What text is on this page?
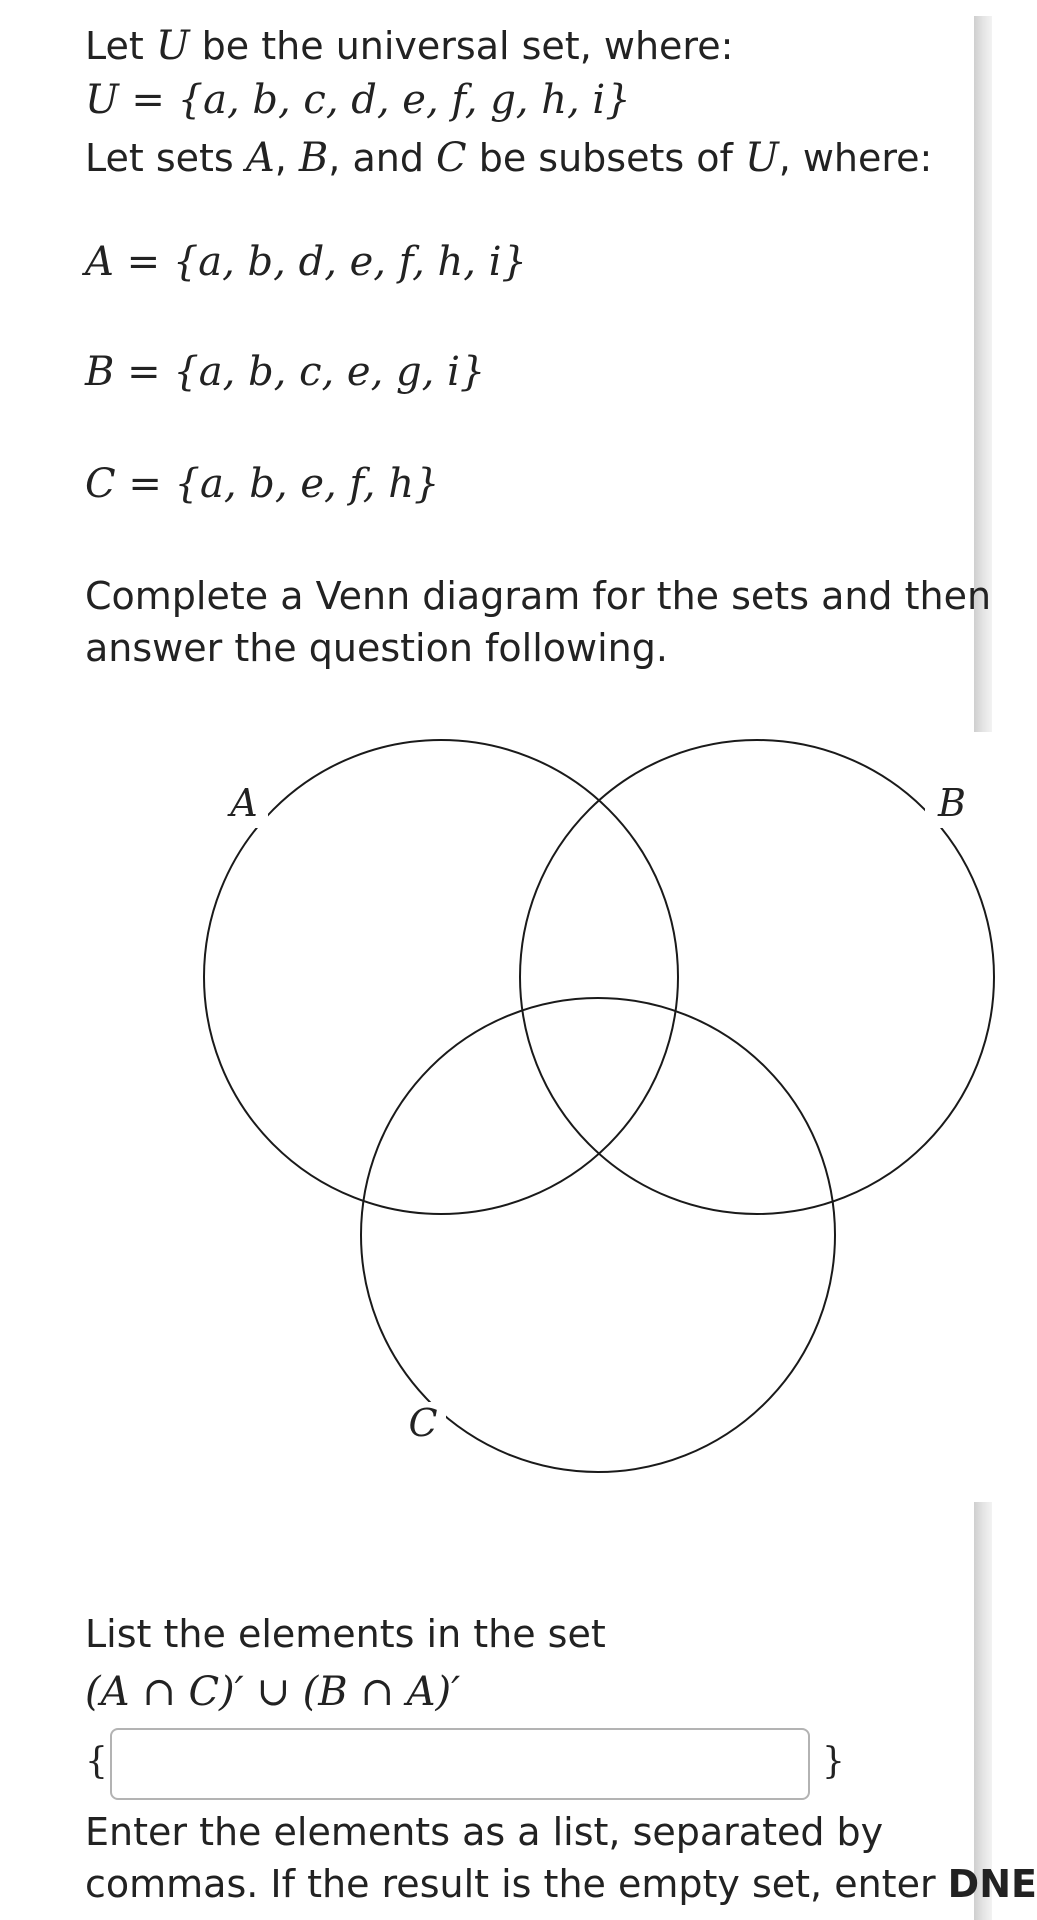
Let U be the universal set, where:
U = {a, b, c, d, e, f, g, h, i}
Let sets A, B, and C be subsets of U, where:
A = {a, b, d, e, f, h, i}
B = {a, b, c, e, g, i}
C = {a, b, e, f, h}
Complete a Venn diagram for the sets and then
answer the question following.
A	B
C
List the elements in the set
(A ∩ C)′ ∪ (B ∩ A)′
{	}
Enter the elements as a list, separated by
commas. If the result is the empty set, enter DNE
